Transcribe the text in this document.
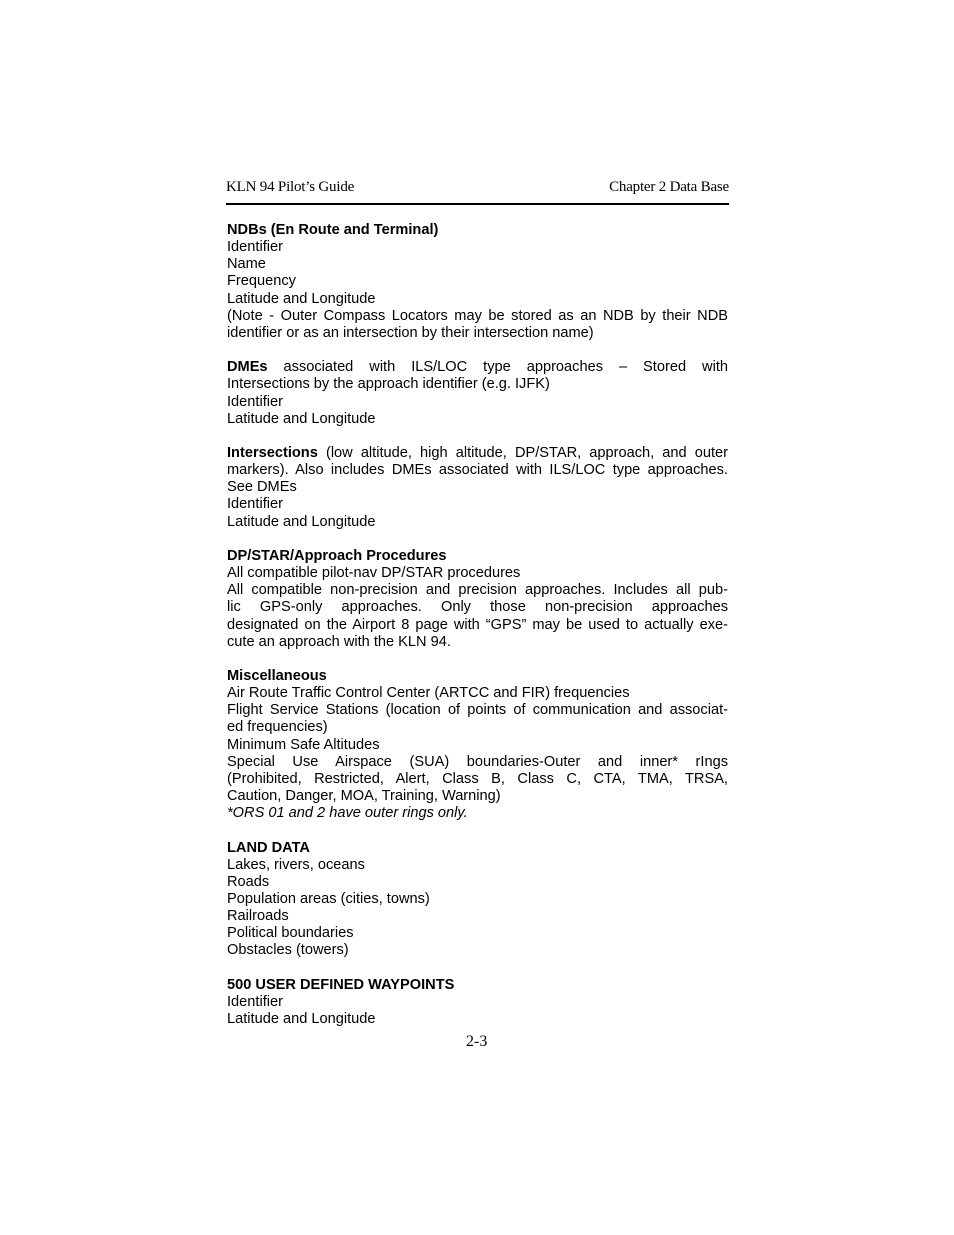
KLN 94 Pilot’s Guide	Chapter 2 Data Base
NDBs (En Route and Terminal)
Identifier
Name
Frequency
Latitude and Longitude
(Note - Outer Compass Locators may be stored as an NDB by their NDB
identifier or as an intersection by their intersection name)
DMEs associated with ILS/LOC type approaches – Stored with
Intersections by the approach identifier (e.g. IJFK)
Identifier
Latitude and Longitude
Intersections (low altitude, high altitude, DP/STAR, approach, and outer
markers). Also includes DMEs associated with ILS/LOC type approaches.
See DMEs
Identifier
Latitude and Longitude
DP/STAR/Approach Procedures
All compatible pilot-nav DP/STAR procedures
All compatible non-precision and precision approaches. Includes all pub-
lic GPS-only approaches. Only those non-precision approaches
designated on the Airport 8 page with “GPS” may be used to actually exe-
cute an approach with the KLN 94.
Miscellaneous
Air Route Traffic Control Center (ARTCC and FIR) frequencies
Flight Service Stations (location of points of communication and associat-
ed frequencies)
Minimum Safe Altitudes
Special Use Airspace (SUA) boundaries-Outer and inner* rIngs
(Prohibited, Restricted, Alert, Class B, Class C, CTA, TMA, TRSA,
Caution, Danger, MOA, Training, Warning)
*ORS 01 and 2 have outer rings only.
LAND DATA
Lakes, rivers, oceans
Roads
Population areas (cities, towns)
Railroads
Political boundaries
Obstacles (towers)
500 USER DEFINED WAYPOINTS
Identifier
Latitude and Longitude
2-3
